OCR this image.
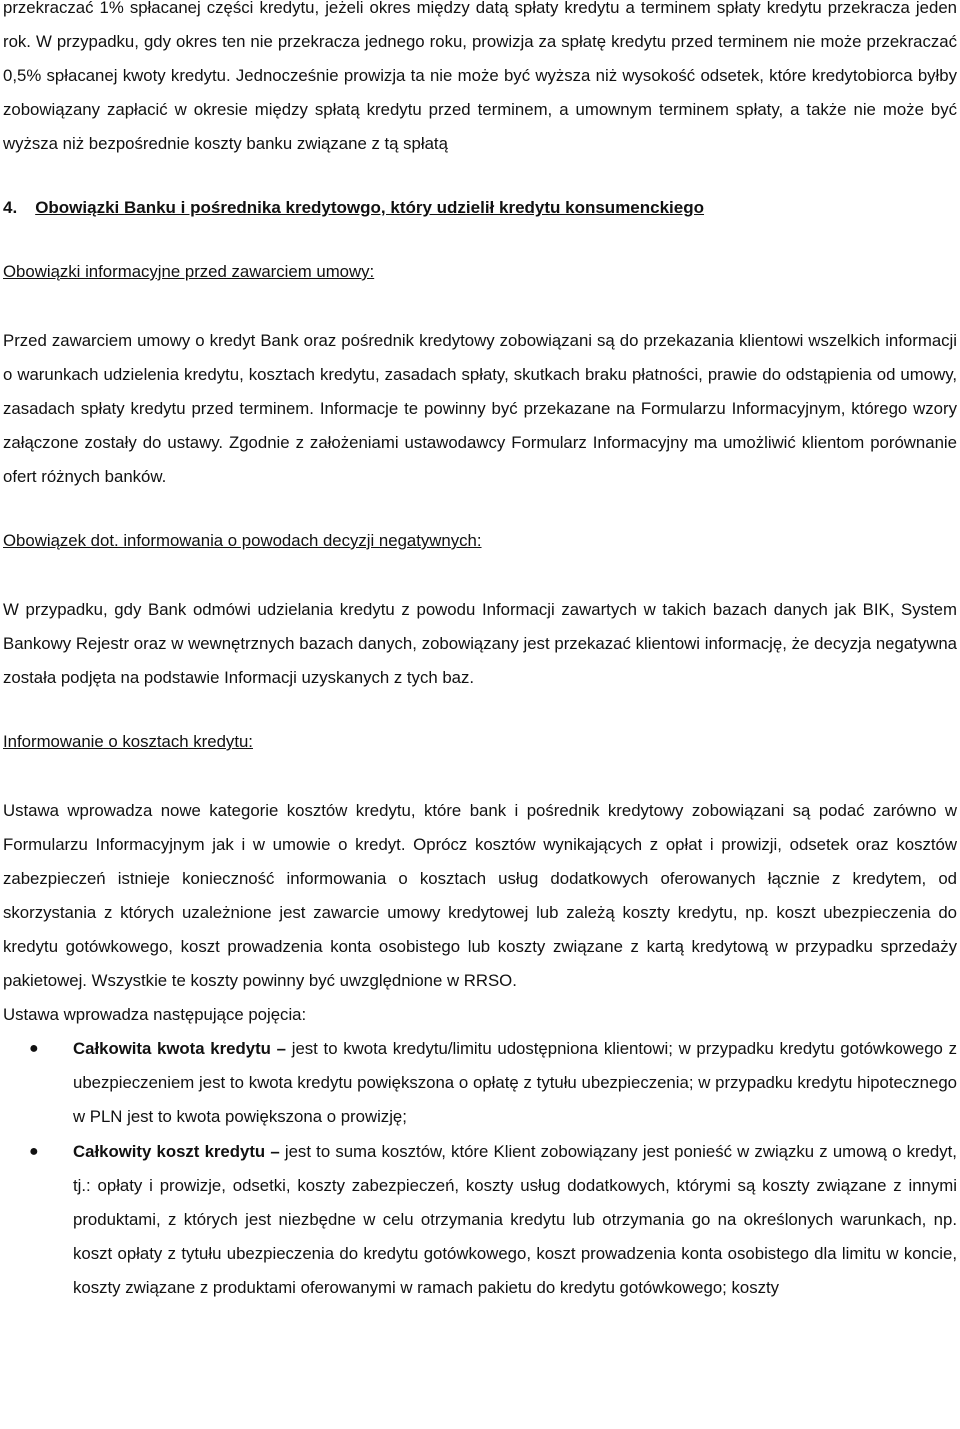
przekraczać 1% spłacanej części kredytu, jeżeli okres między datą spłaty kredytu a terminem spłaty kredytu przekracza jeden rok. W przypadku, gdy okres ten nie przekracza jednego roku, prowizja za spłatę kredytu przed terminem nie może przekraczać 0,5% spłacanej kwoty kredytu. Jednocześnie prowizja ta nie może być wyższa niż wysokość odsetek, które kredytobiorca byłby zobowiązany zapłacić w okresie między spłatą kredytu przed terminem, a umownym terminem spłaty, a także nie może być wyższa niż bezpośrednie koszty banku związane z tą spłatą

4. Obowiązki Banku i pośrednika kredytowgo, który udzielił kredytu konsumenckiego
Obowiązki informacyjne przed zawarciem umowy:

Przed zawarciem umowy o kredyt Bank oraz pośrednik kredytowy zobowiązani są do przekazania klientowi wszelkich informacji o warunkach udzielenia kredytu, kosztach kredytu, zasadach spłaty, skutkach braku płatności, prawie do odstąpienia od umowy, zasadach spłaty kredytu przed terminem. Informacje te powinny być przekazane na Formularzu Informacyjnym, którego wzory załączone zostały do ustawy. Zgodnie z założeniami ustawodawcy Formularz Informacyjny ma umożliwić klientom porównanie ofert różnych banków.

Obowiązek dot. informowania o powodach decyzji negatywnych:

W przypadku, gdy Bank odmówi udzielania kredytu z powodu Informacji zawartych w takich bazach danych jak BIK, System Bankowy Rejestr oraz w wewnętrznych bazach danych, zobowiązany jest przekazać klientowi informację, że decyzja negatywna została podjęta na podstawie Informacji uzyskanych z tych baz.

Informowanie o kosztach kredytu:

Ustawa wprowadza nowe kategorie kosztów kredytu, które bank i pośrednik kredytowy zobowiązani są podać zarówno w Formularzu Informacyjnym jak i w umowie o kredyt. Oprócz kosztów wynikających z opłat i prowizji, odsetek oraz kosztów zabezpieczeń istnieje konieczność informowania o kosztach usług dodatkowych oferowanych łącznie z kredytem, od skorzystania z których uzależnione jest zawarcie umowy kredytowej lub zależą koszty kredytu, np. koszt ubezpieczenia do kredytu gotówkowego, koszt prowadzenia konta osobistego lub koszty związane z kartą kredytową w przypadku sprzedaży pakietowej. Wszystkie te koszty powinny być uwzględnione w RRSO.

Ustawa wprowadza następujące pojęcia:

● Całkowita kwota kredytu – jest to kwota kredytu/limitu udostępniona klientowi; w przypadku kredytu gotówkowego z ubezpieczeniem jest to kwota kredytu powiększona o opłatę z tytułu ubezpieczenia; w przypadku kredytu hipotecznego w PLN jest to kwota powiększona o prowizję;
● Całkowity koszt kredytu – jest to suma kosztów, które Klient zobowiązany jest ponieść w związku z umową o kredyt, tj.: opłaty i prowizje, odsetki, koszty zabezpieczeń, koszty usług dodatkowych, którymi są koszty związane z innymi produktami, z których jest niezbędne w celu otrzymania kredytu lub otrzymania go na określonych warunkach, np. koszt opłaty z tytułu ubezpieczenia do kredytu gotówkowego, koszt prowadzenia konta osobistego dla limitu w koncie, koszty związane z produktami oferowanymi w ramach pakietu do kredytu gotówkowego; koszty
